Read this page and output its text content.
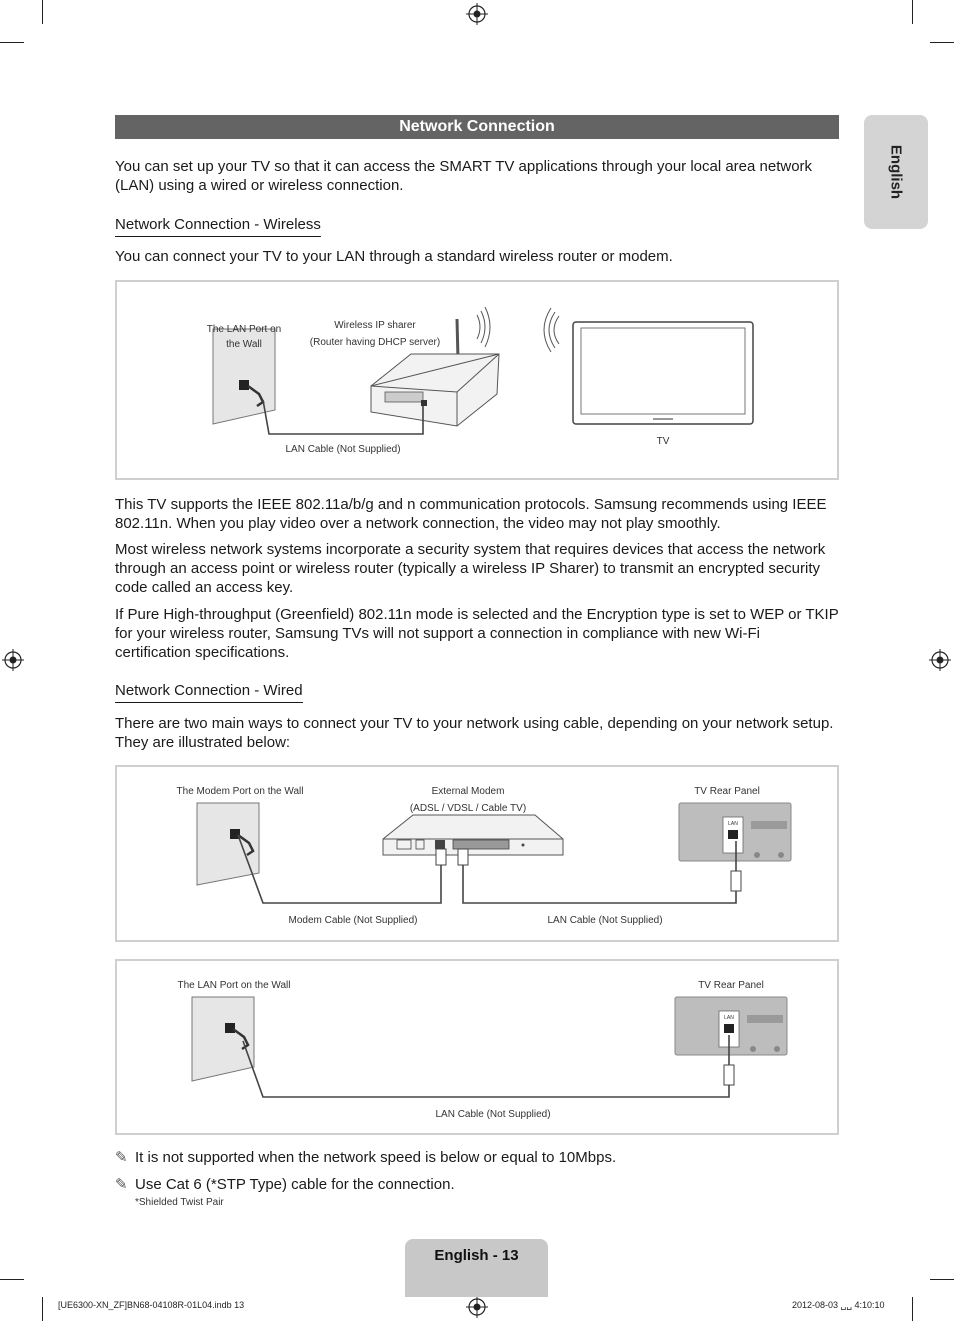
Network Connection
English

You can set up your TV so that it can access the SMART TV applications through your local area network (LAN) using a wired or wireless connection.

Network Connection - Wireless

You can connect your TV to your LAN through a standard wireless router or modem.

The LAN Port on
the Wall
Wireless IP sharer
(Router having DHCP server)
LAN Cable (Not Supplied)
TV

This TV supports the IEEE 802.11a/b/g and n communication protocols. Samsung recommends using IEEE 802.11n. When you play video over a network connection, the video may not play smoothly.

Most wireless network systems incorporate a security system that requires devices that access the network through an access point or wireless router (typically a wireless IP Sharer) to transmit an encrypted security code called an access key.

If Pure High-throughput (Greenfield) 802.11n mode is selected and the Encryption type is set to WEP or TKIP for your wireless router, Samsung TVs will not support a connection in compliance with new Wi-Fi certification specifications.

Network Connection - Wired

There are two main ways to connect your TV to your network using cable, depending on your network setup. They are illustrated below:

The Modem Port on the Wall	External Modem
(ADSL / VDSL / Cable TV)
TV Rear Panel
LAN
Modem Cable (Not Supplied)	LAN Cable (Not Supplied)
The LAN Port on the Wall	TV Rear Panel
LAN
LAN Cable (Not Supplied)
✎ It is not supported when the network speed is below or equal to 10Mbps.
✎ Use Cat 6 (*STP Type) cable for the connection.
*Shielded Twist Pair
English - 13
[UE6300-XN_ZF]BN68-04108R-01L04.indb 13	2012-08-03 ␣␣ 4:10:10
